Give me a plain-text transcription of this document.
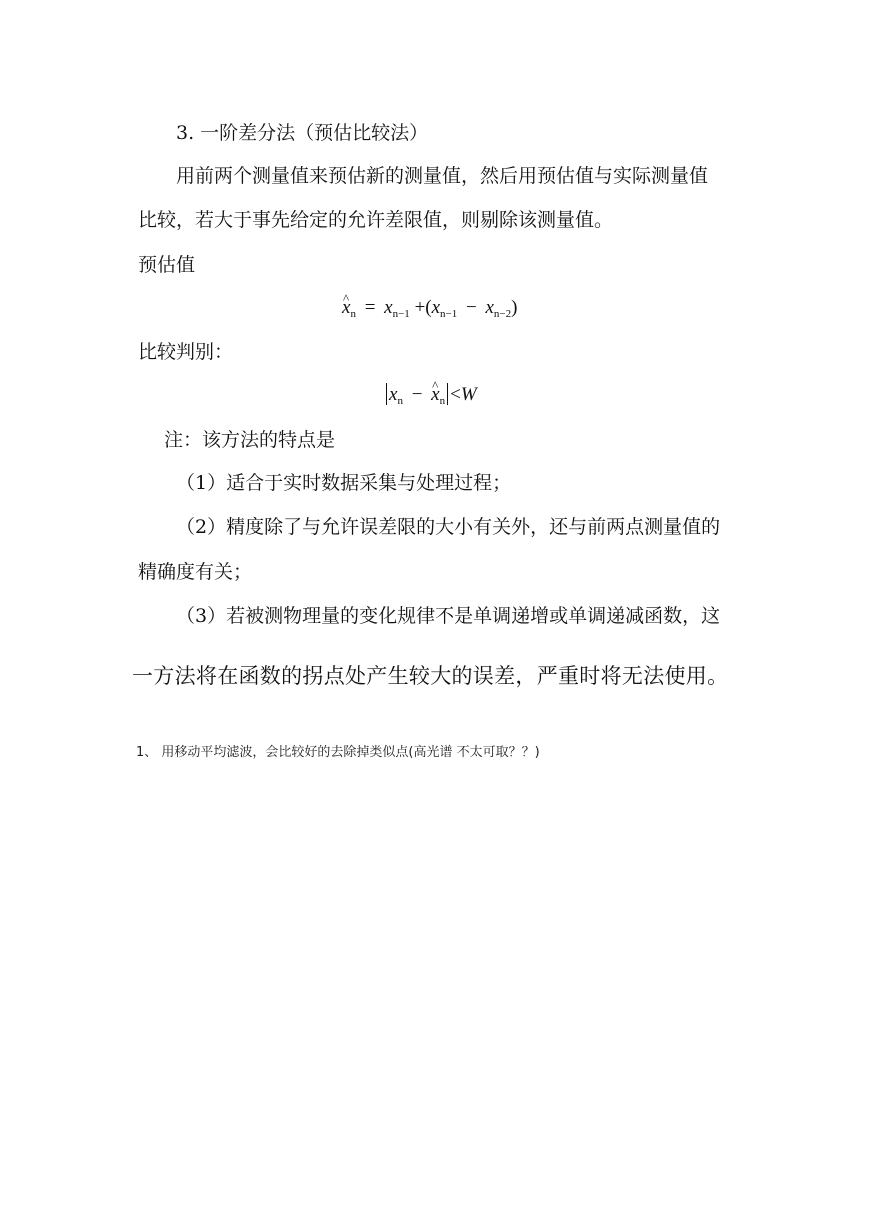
3. 一阶差分法（预估比较法）
用前两个测量值来预估新的测量值，然后用预估值与实际测量值
比较，若大于事先给定的允许差限值，则剔除该测量值。
预估值
^ $x_n = x_{n-1} +(x_{n-1} - x_{n-2})$
比较判别：
$x_n$ − ^ $x_n <W$
注：该方法的特点是
（1）适合于实时数据采集与处理过程；
（2）精度除了与允许误差限的大小有关外，还与前两点测量值的
精确度有关；
（3）若被测物理量的变化规律不是单调递增或单调递减函数，这
一方法将在函数的拐点处产生较大的误差，严重时将无法使用。
1、 用移动平均滤波，会比较好的去除掉类似点(高光谱 不太可取？？)
